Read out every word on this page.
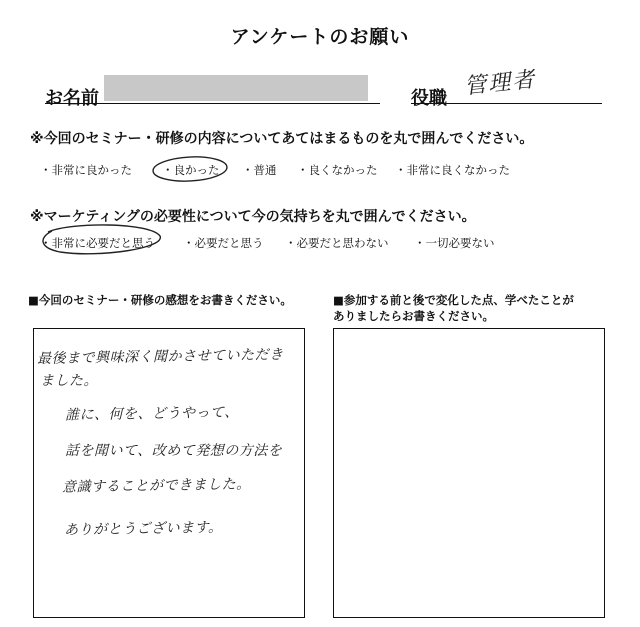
アンケートのお願い
お名前	役職 管理者
※今回のセミナー・研修の内容についてあてはまるものを丸で囲んでください。
・非常に良かった	・良かった ・普通 ・良くなかった ・非常に良くなかった
※マーケティングの必要性について今の気持ちを丸で囲んでください。
・非常に必要だと思う ・必要だと思う ・必要だと思わない ・一切必要ない
■今回のセミナー・研修の感想をお書きください。	■参加する前と後で変化した点、学べたことが
ありましたらお書きください。
最後まで興味深く聞かさせていただき
ました。
誰に、何を、どうやって、
話を聞いて、改めて発想の方法を
意識することができました。
ありがとうございます。
